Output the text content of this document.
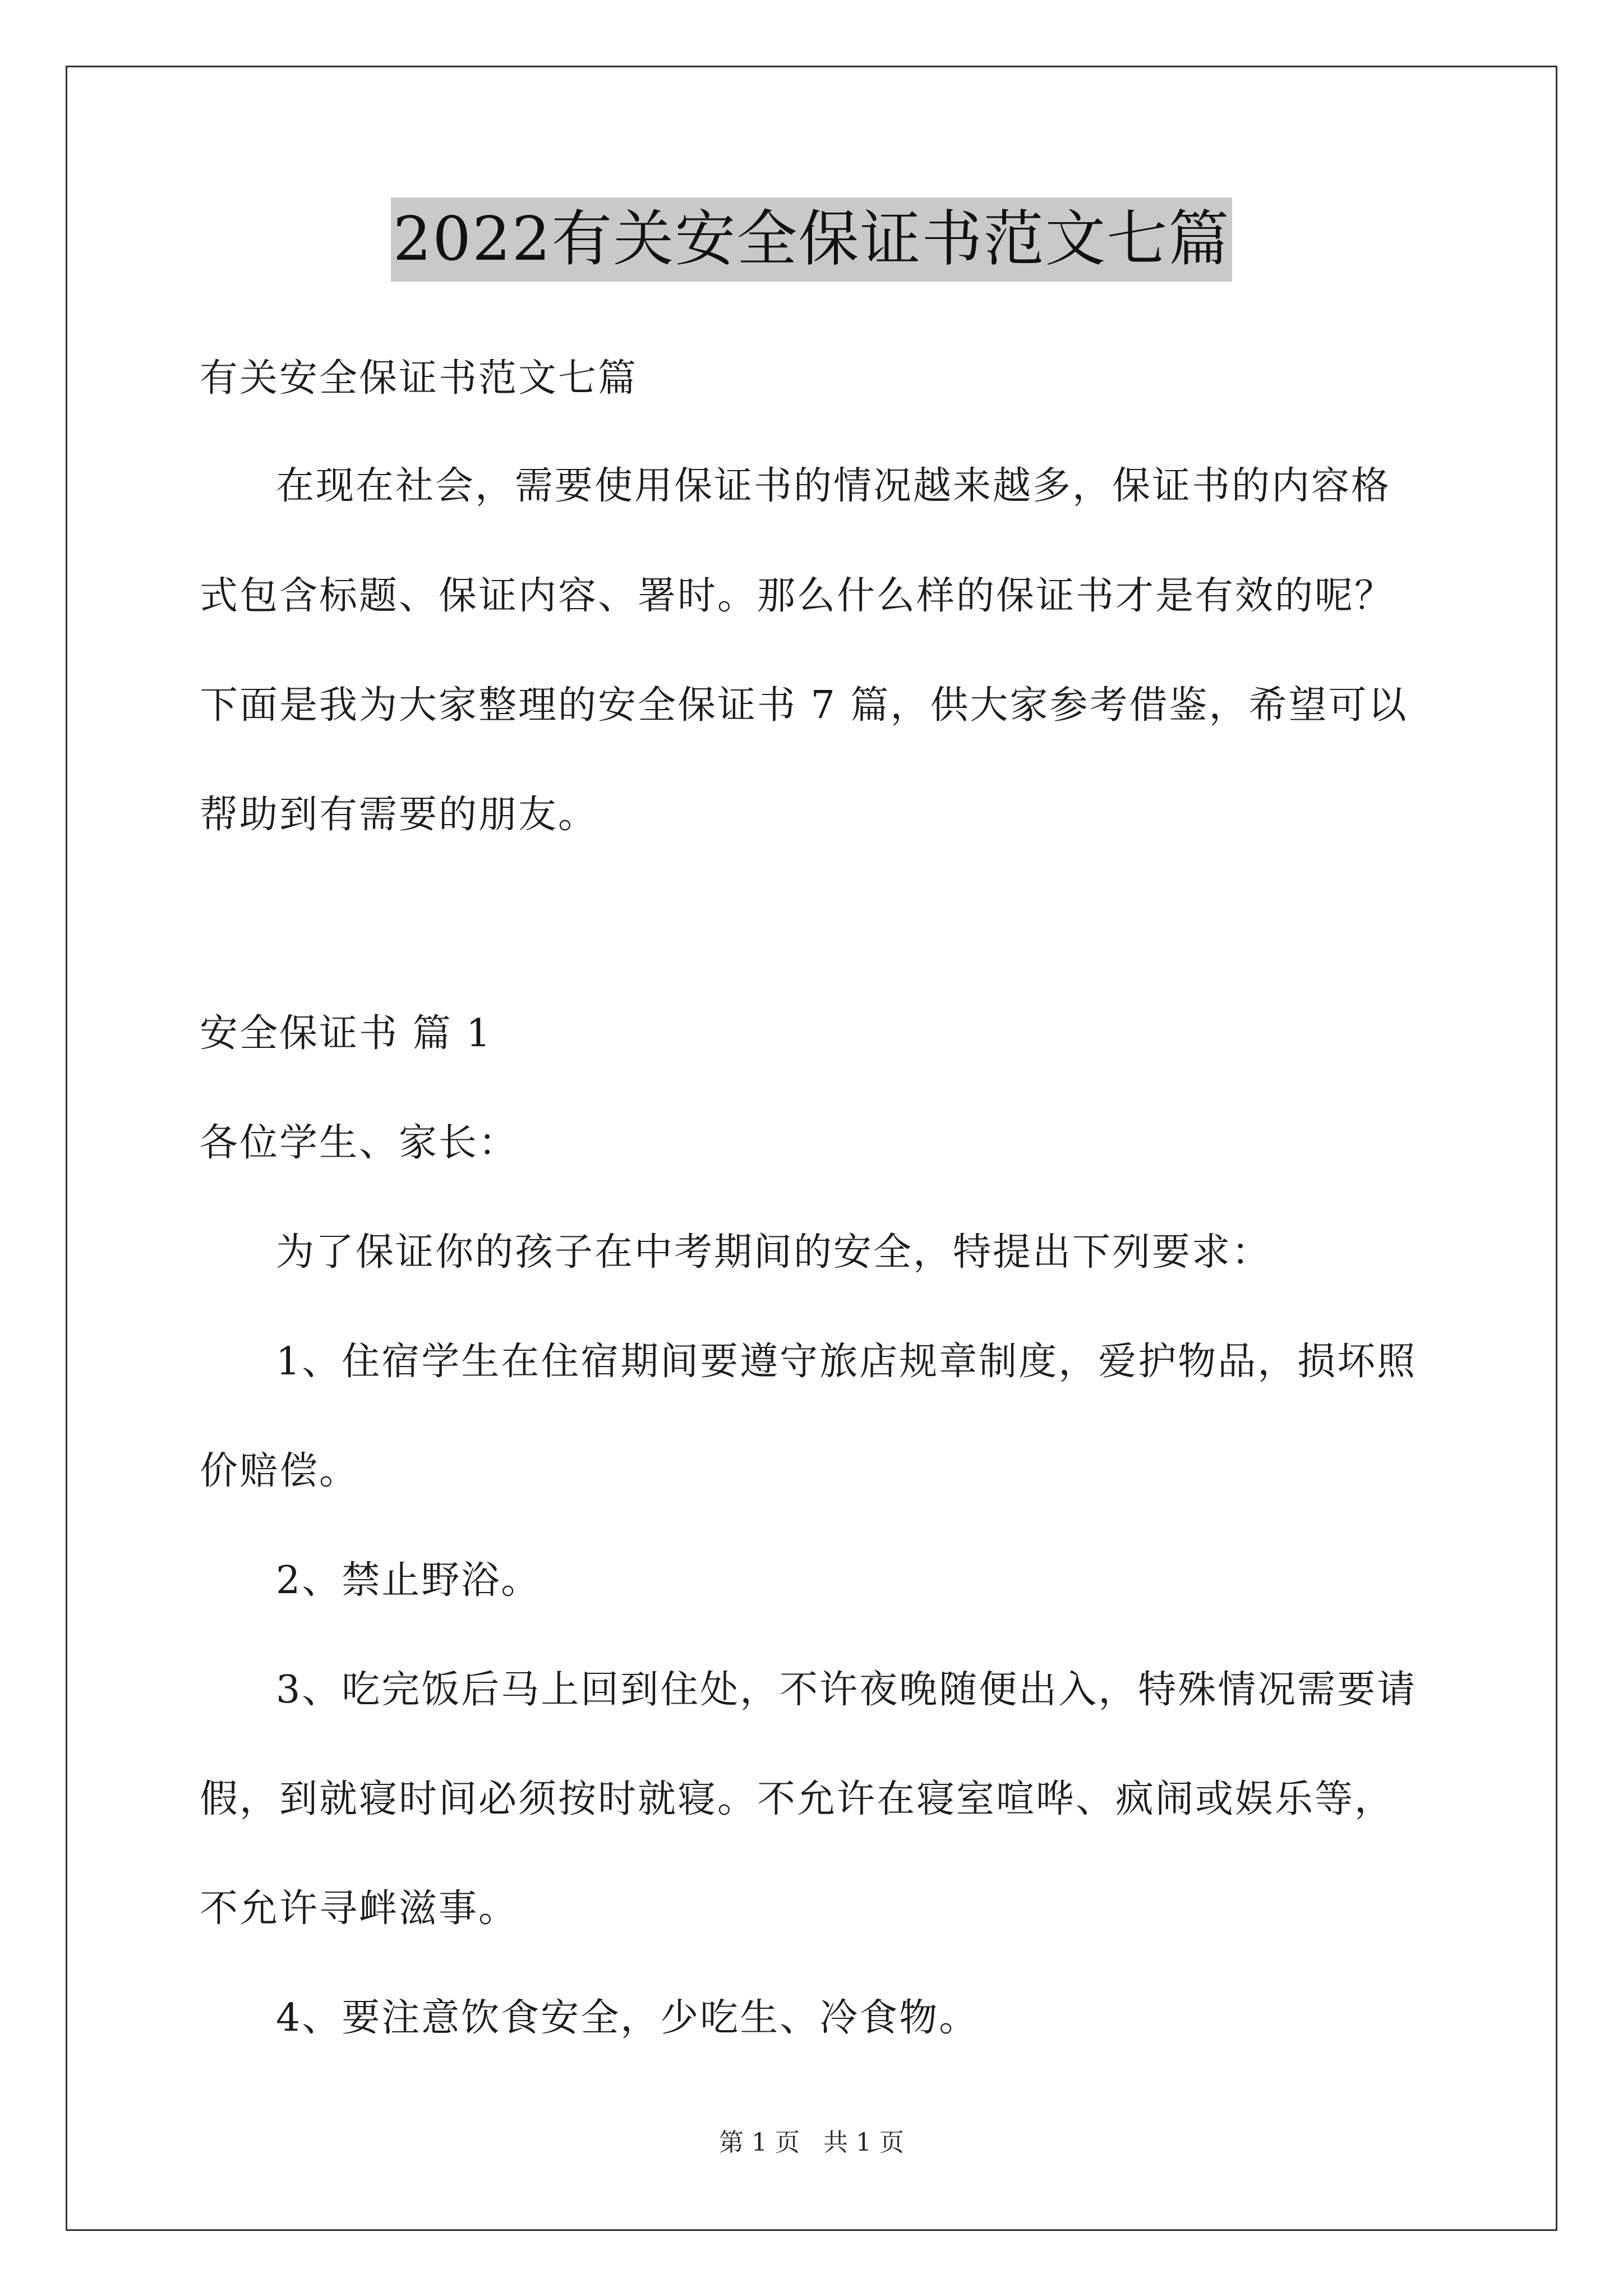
2022有关安全保证书范文七篇
有关安全保证书范文七篇
在现在社会，需要使用保证书的情况越来越多，保证书的内容格
式包含标题、保证内容、署时。那么什么样的保证书才是有效的呢？
下面是我为大家整理的安全保证书 7 篇，供大家参考借鉴，希望可以
帮助到有需要的朋友。
安全保证书 篇 1
各位学生、家长：
为了保证你的孩子在中考期间的安全，特提出下列要求：
1、住宿学生在住宿期间要遵守旅店规章制度，爱护物品，损坏照
价赔偿。
2、禁止野浴。
3、吃完饭后马上回到住处，不许夜晚随便出入，特殊情况需要请
假，到就寝时间必须按时就寝。不允许在寝室喧哗、疯闹或娱乐等，
不允许寻衅滋事。
4、要注意饮食安全，少吃生、冷食物。
第 1 页 共 1 页
